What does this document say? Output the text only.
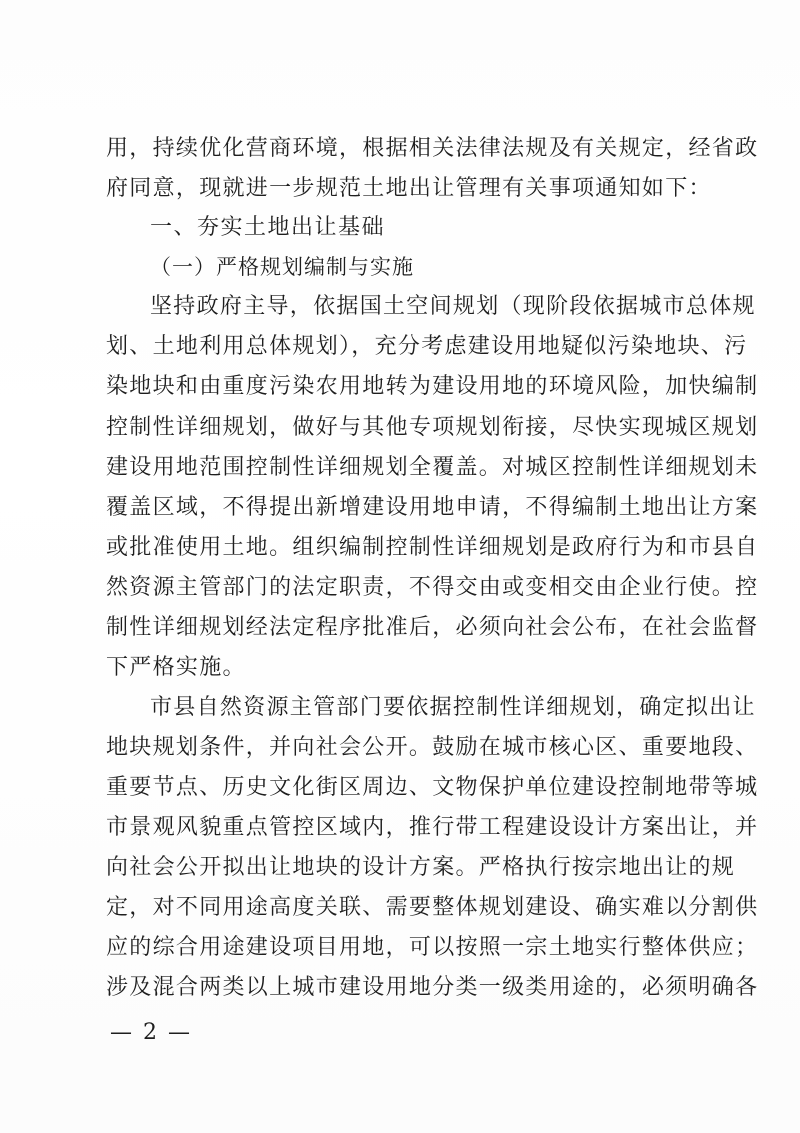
用，持续优化营商环境，根据相关法律法规及有关规定，经省政
府同意，现就进一步规范土地出让管理有关事项通知如下：
一、夯实土地出让基础
（一）严格规划编制与实施
坚持政府主导，依据国土空间规划（现阶段依据城市总体规
划、土地利用总体规划），充分考虑建设用地疑似污染地块、污
染地块和由重度污染农用地转为建设用地的环境风险，加快编制
控制性详细规划，做好与其他专项规划衔接，尽快实现城区规划
建设用地范围控制性详细规划全覆盖。对城区控制性详细规划未
覆盖区域，不得提出新增建设用地申请，不得编制土地出让方案
或批准使用土地。组织编制控制性详细规划是政府行为和市县自
然资源主管部门的法定职责，不得交由或变相交由企业行使。控
制性详细规划经法定程序批准后，必须向社会公布，在社会监督
下严格实施。
市县自然资源主管部门要依据控制性详细规划，确定拟出让
地块规划条件，并向社会公开。鼓励在城市核心区、重要地段、
重要节点、历史文化街区周边、文物保护单位建设控制地带等城
市景观风貌重点管控区域内，推行带工程建设设计方案出让，并
向社会公开拟出让地块的设计方案。严格执行按宗地出让的规
定，对不同用途高度关联、需要整体规划建设、确实难以分割供
应的综合用途建设项目用地，可以按照一宗土地实行整体供应；
涉及混合两类以上城市建设用地分类一级类用途的，必须明确各
— 2 —
